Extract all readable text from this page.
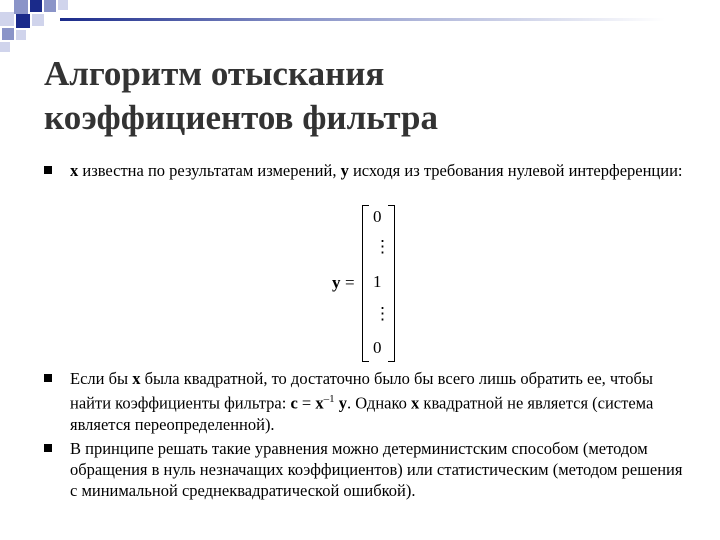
Алгоритм отыскания
коэффициентов фильтра
x известна по результатам измерений, y исходя из требования нулевой интерференции:
y =
0
⋮
1
⋮
0
Если бы x была квадратной, то достаточно было бы всего лишь обратить ее, чтобы найти коэффициенты фильтра: $c = x^{-1}$ y. Однако x квадратной не является (система является переопределенной).
В принципе решать такие уравнения можно детерминистским способом (методом обращения в нуль незначащих коэффициентов) или статистическим (методом решения с минимальной среднеквадратической ошибкой).
